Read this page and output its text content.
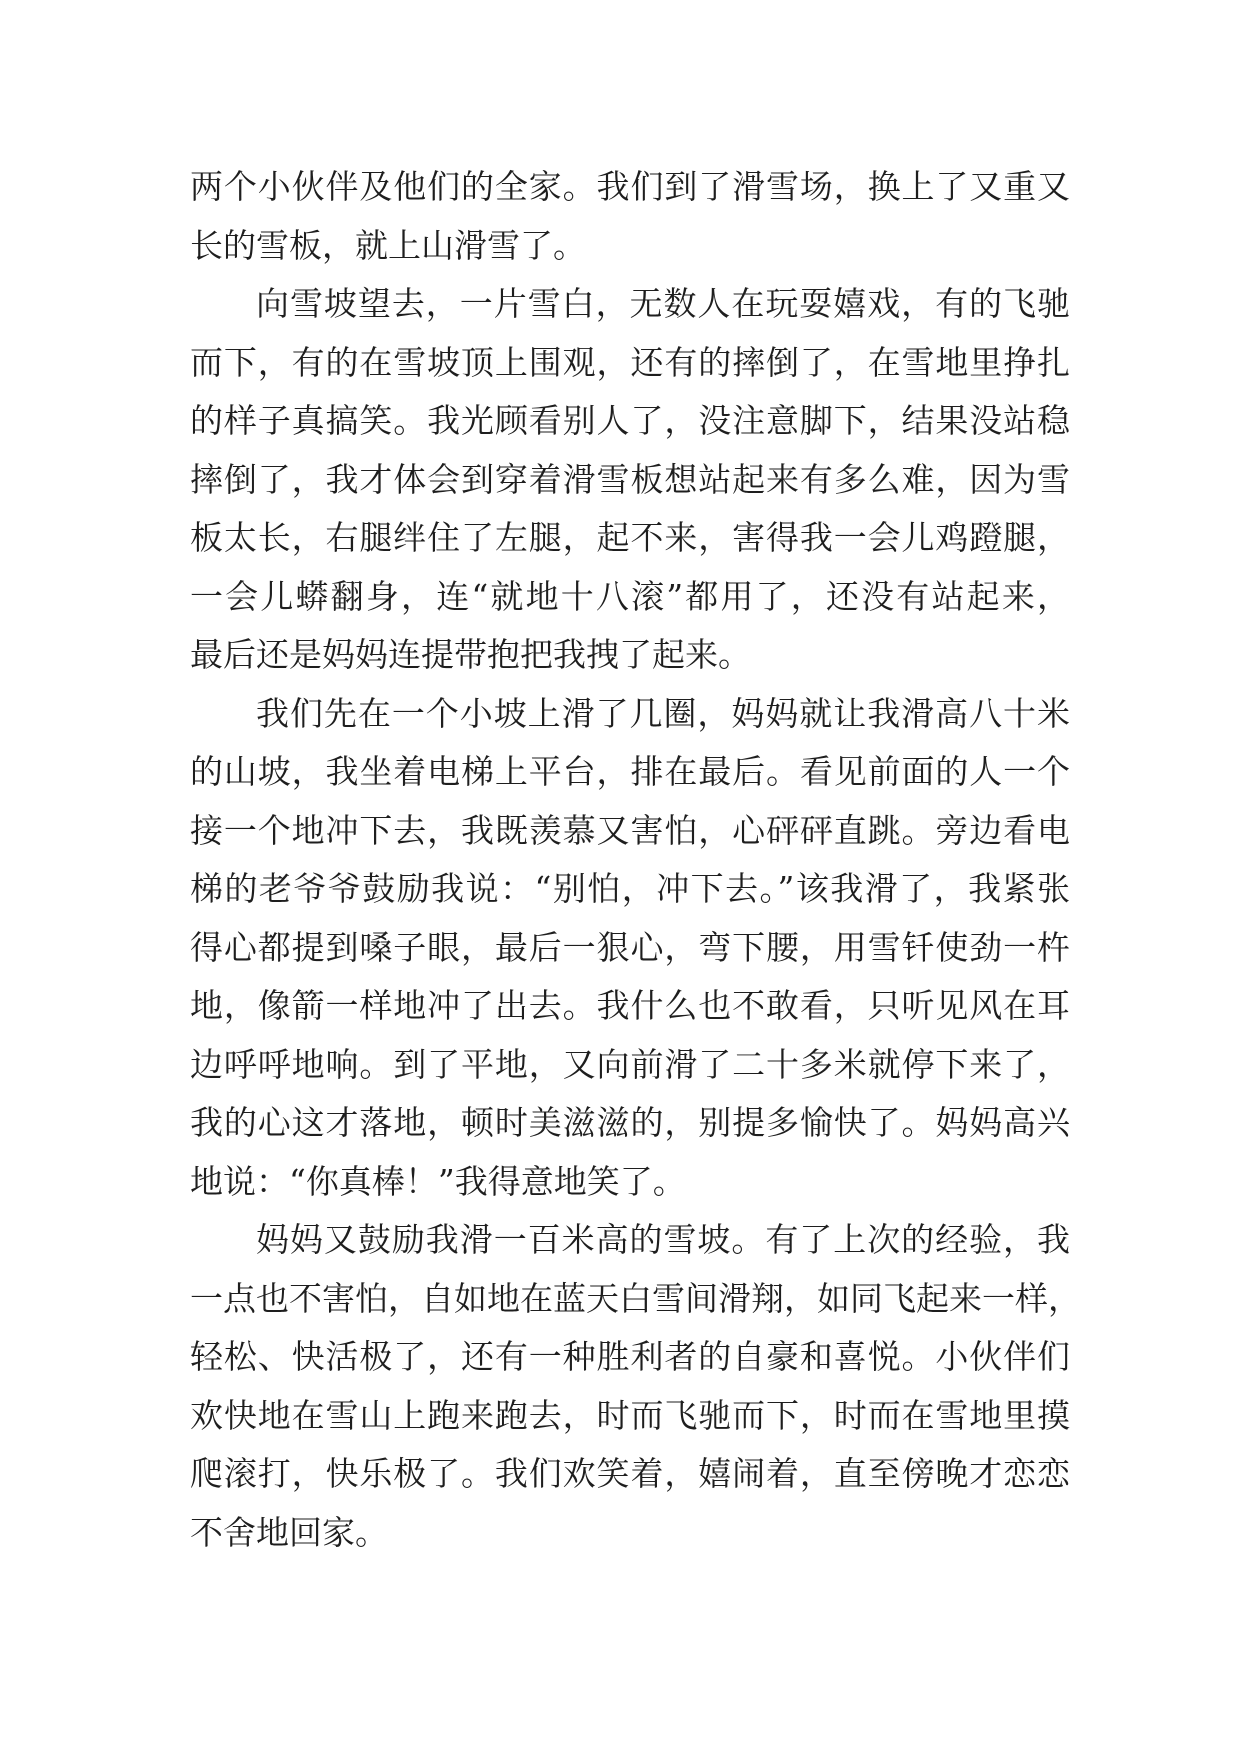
两个小伙伴及他们的全家。我们到了滑雪场，换上了又重又
长的雪板，就上山滑雪了。
向雪坡望去，一片雪白，无数人在玩耍嬉戏，有的飞驰
而下，有的在雪坡顶上围观，还有的摔倒了，在雪地里挣扎
的样子真搞笑。我光顾看别人了，没注意脚下，结果没站稳
摔倒了，我才体会到穿着滑雪板想站起来有多么难，因为雪
板太长，右腿绊住了左腿，起不来，害得我一会儿鸡蹬腿，
一会儿蟒翻身，连“就地十八滚”都用了，还没有站起来，
最后还是妈妈连提带抱把我拽了起来。
我们先在一个小坡上滑了几圈，妈妈就让我滑高八十米
的山坡，我坐着电梯上平台，排在最后。看见前面的人一个
接一个地冲下去，我既羡慕又害怕，心砰砰直跳。旁边看电
梯的老爷爷鼓励我说：“别怕，冲下去。”该我滑了，我紧张
得心都提到嗓子眼，最后一狠心，弯下腰，用雪钎使劲一杵
地，像箭一样地冲了出去。我什么也不敢看，只听见风在耳
边呼呼地响。到了平地，又向前滑了二十多米就停下来了，
我的心这才落地，顿时美滋滋的，别提多愉快了。妈妈高兴
地说：“你真棒！”我得意地笑了。
妈妈又鼓励我滑一百米高的雪坡。有了上次的经验，我
一点也不害怕，自如地在蓝天白雪间滑翔，如同飞起来一样，
轻松、快活极了，还有一种胜利者的自豪和喜悦。小伙伴们
欢快地在雪山上跑来跑去，时而飞驰而下，时而在雪地里摸
爬滚打，快乐极了。我们欢笑着，嬉闹着，直至傍晚才恋恋
不舍地回家。
